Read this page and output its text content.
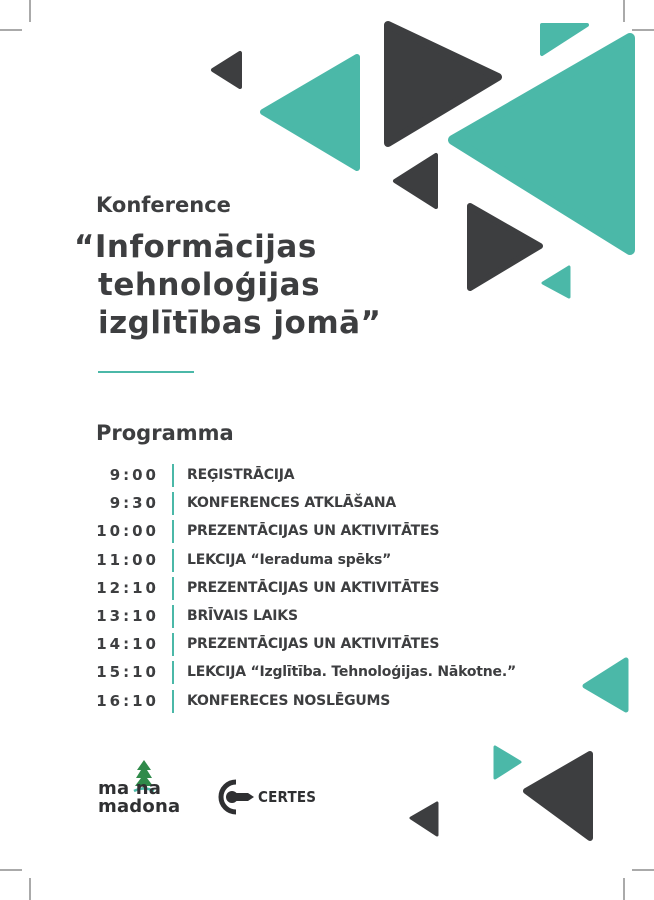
Konference
“Informācijas
tehnoloģijas
izglītības jomā”
Programma
9:00 REĢISTRĀCIJA
9:30 KONFERENCES ATKLĀŠANA
10:00 PREZENTĀCIJAS UN AKTIVITĀTES
11:00 LEKCIJA “Ieraduma spēks”
12:10 PREZENTĀCIJAS UN AKTIVITĀTES
13:10 BRĪVAIS LAIKS
14:10 PREZENTĀCIJAS UN AKTIVITĀTES
15:10 LEKCIJA “Izglītība. Tehnoloģijas. Nākotne.”
16:10 KONFERECES NOSLĒGUMS
ma na
madona	CERTES
